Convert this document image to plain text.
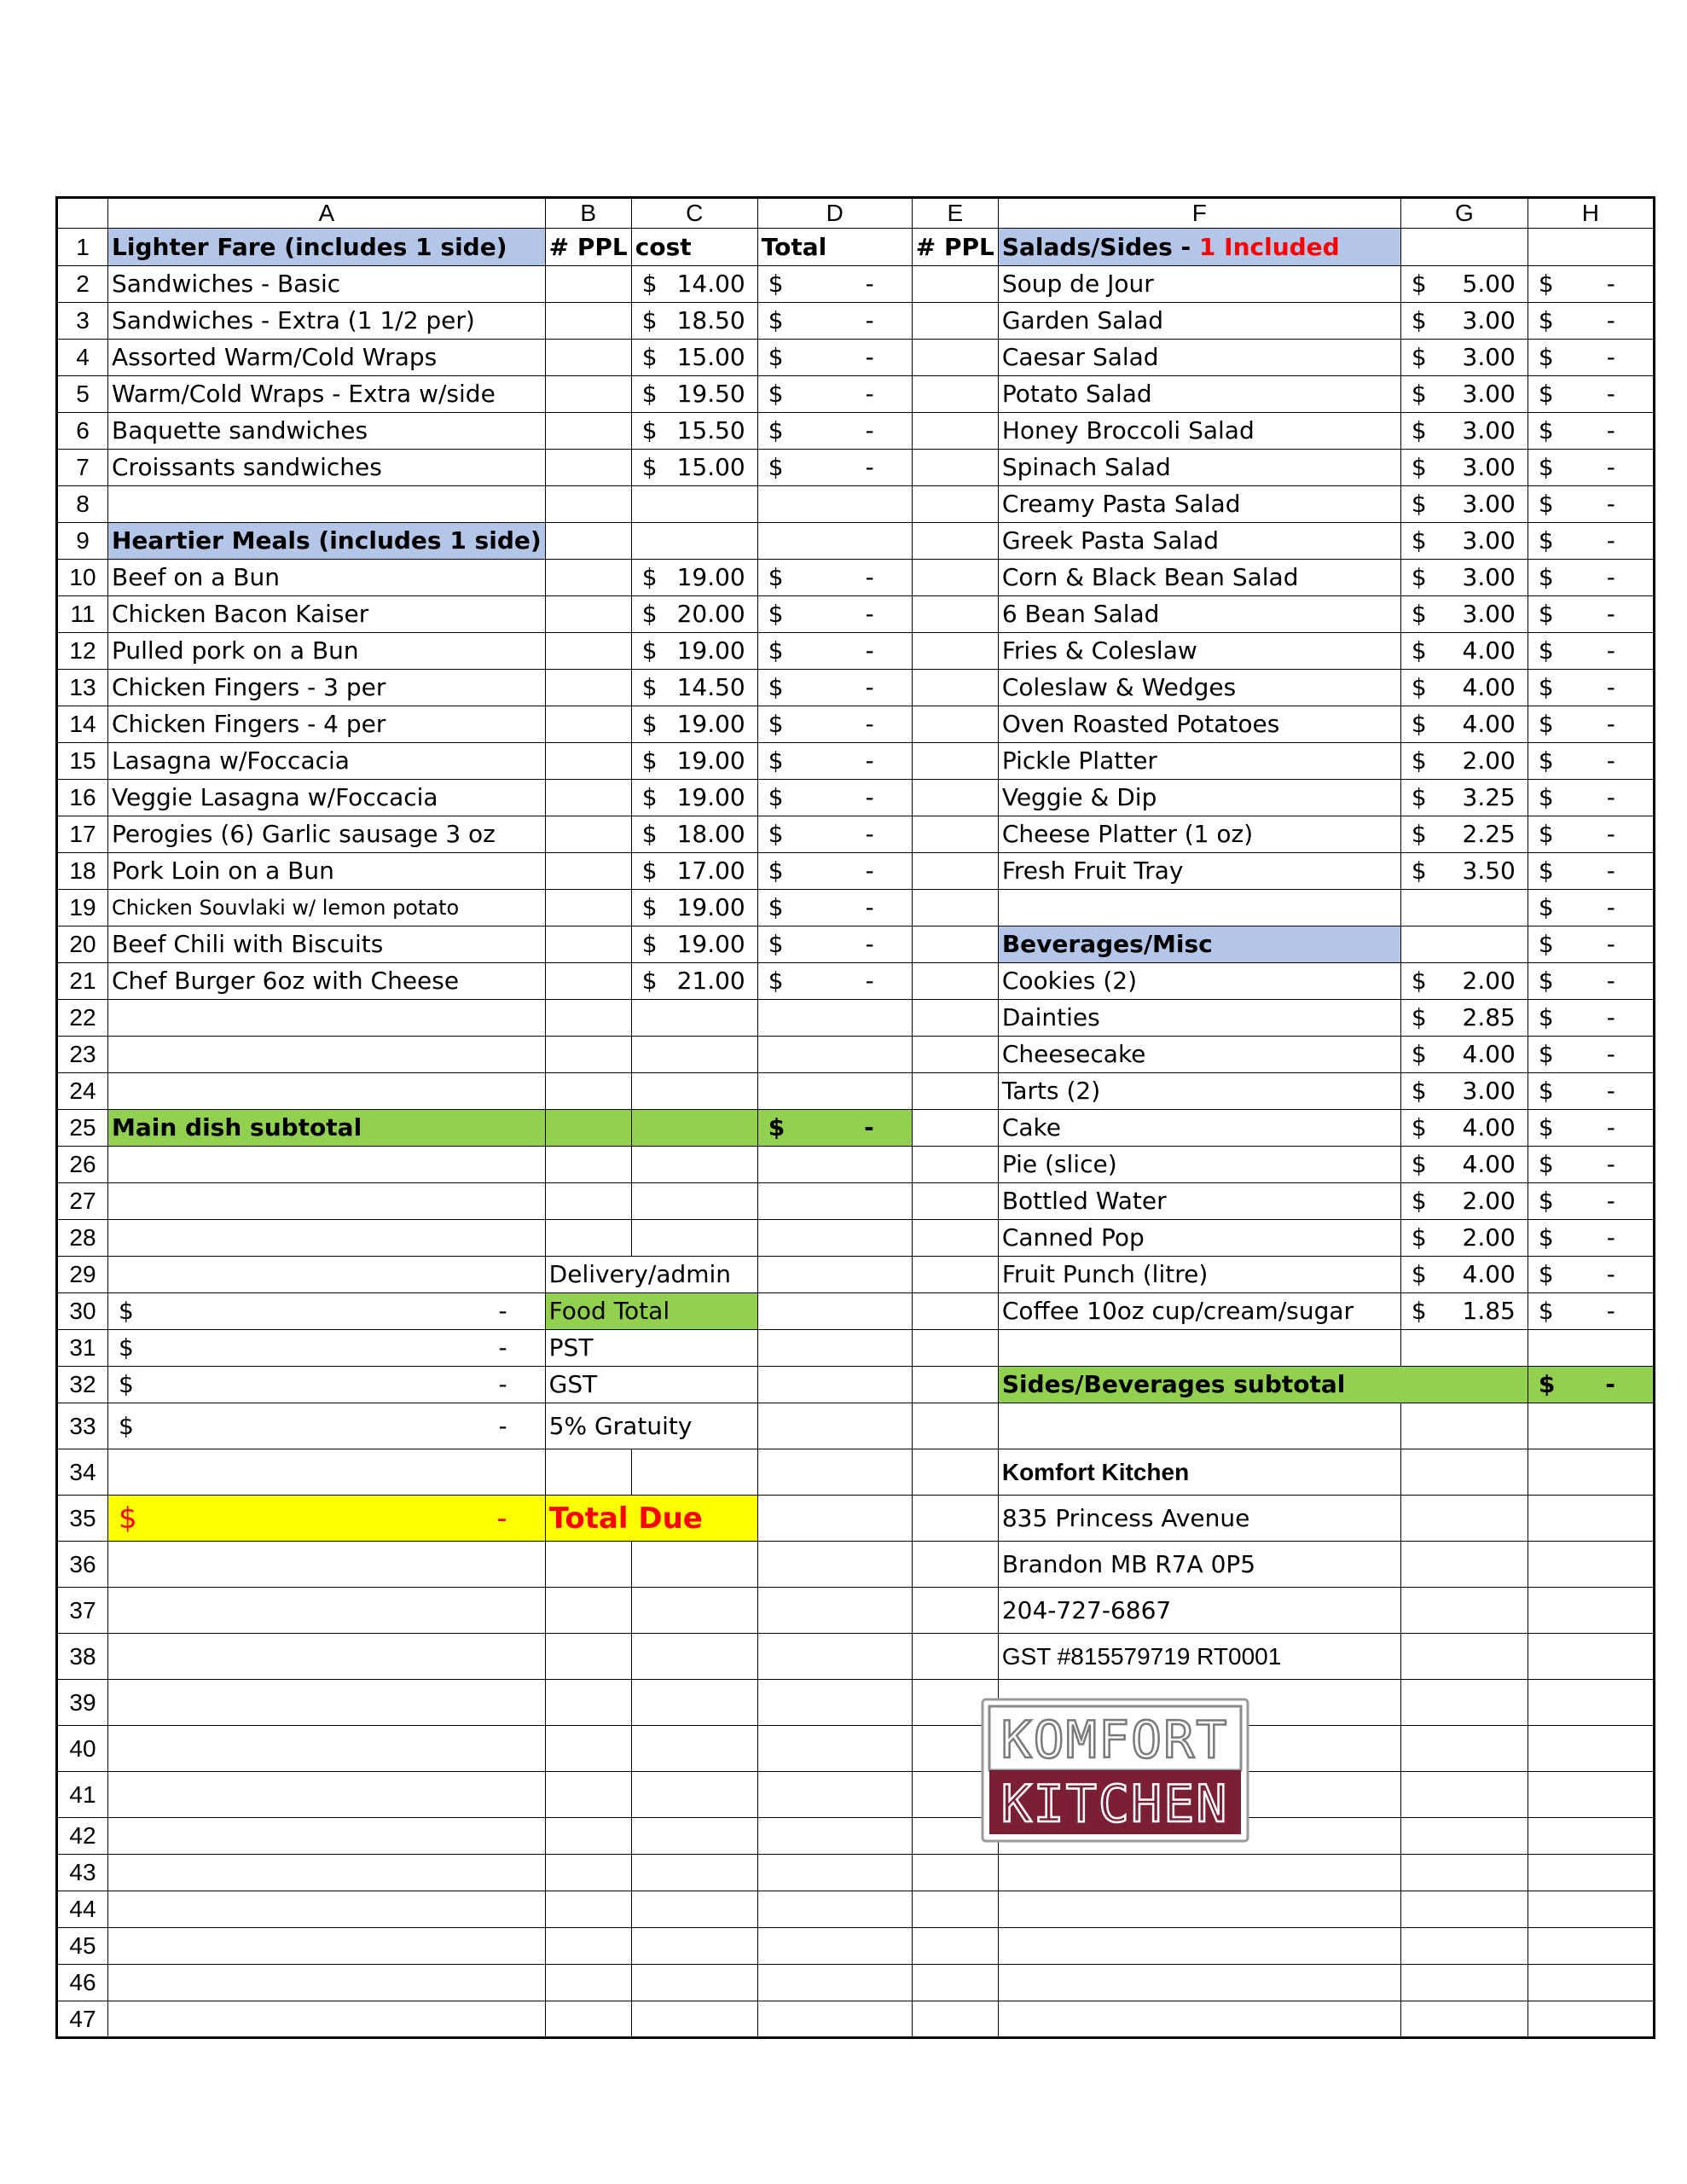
	A	B	C	D	E	F	G	H
1	Lighter Fare (includes 1 side)	# PPL	cost	Total	# PPL	Salads/Sides - 1 Included		
2	Sandwiches - Basic		$ 14.00	$ -		Soup de Jour	$ 5.00	$ -

3	Sandwiches - Extra (1 1/2 per)		$ 18.50	$ -		Garden Salad	$ 3.00	$ -

4	Assorted Warm/Cold Wraps		$ 15.00	$ -		Caesar Salad	$ 3.00	$ -

5	Warm/Cold Wraps - Extra w/side		$ 19.50	$ -		Potato Salad	$ 3.00	$ -

6	Baquette sandwiches		$ 15.50	$ -		Honey Broccoli Salad	$ 3.00	$ -

7	Croissants sandwiches		$ 15.00	$ -		Spinach Salad	$ 3.00	$ -

8						Creamy Pasta Salad	$ 3.00	$ -

9	Heartier Meals (includes 1 side)					Greek Pasta Salad	$ 3.00	$ -

10	Beef on a Bun		$ 19.00	$ -		Corn & Black Bean Salad	$ 3.00	$ -

11	Chicken Bacon Kaiser		$ 20.00	$ -		6 Bean Salad	$ 3.00	$ -

12	Pulled pork on a Bun		$ 19.00	$ -		Fries & Coleslaw	$ 4.00	$ -

13	Chicken Fingers - 3 per		$ 14.50	$ -		Coleslaw & Wedges	$ 4.00	$ -

14	Chicken Fingers - 4 per		$ 19.00	$ -		Oven Roasted Potatoes	$ 4.00	$ -

15	Lasagna w/Foccacia		$ 19.00	$ -		Pickle Platter	$ 2.00	$ -

16	Veggie Lasagna w/Foccacia		$ 19.00	$ -		Veggie & Dip	$ 3.25	$ -

17	Perogies (6) Garlic sausage 3 oz		$ 18.00	$ -		Cheese Platter (1 oz)	$ 2.25	$ -

18	Pork Loin on a Bun		$ 17.00	$ -		Fresh Fruit Tray	$ 3.50	$ -

19	Chicken Souvlaki w/ lemon potato		$ 19.00	$ -				$ -

20	Beef Chili with Biscuits		$ 19.00	$ -		Beverages/Misc		$ -

21	Chef Burger 6oz with Cheese		$ 21.00	$ -		Cookies (2)	$ 2.00	$ -

22						Dainties	$ 2.85	$ -

23						Cheesecake	$ 4.00	$ -

24						Tarts (2)	$ 3.00	$ -

25	Main dish subtotal			$ -		Cake	$ 4.00	$ -

26						Pie (slice)	$ 4.00	$ -

27						Bottled Water	$ 2.00	$ -

28						Canned Pop	$ 2.00	$ -

29		Delivery/admin				Fruit Punch (litre)	$ 4.00	$ -

30	$ -	Food Total				Coffee 10oz cup/cream/sugar	$ 1.85	$ -

31	$ -	PST						
32	$ -	GST				Sides/Beverages subtotal		$ -

33	$ -	5% Gratuity						
34						Komfort Kitchen		
35	$ -	Total Due				835 Princess Avenue		
36						Brandon MB R7A 0P5		
37						204-727-6867		
38						GST #815579719 RT0001		
39								
40								
41								
42								
43								
44								
45								
46								
47								
KOMFORT
KITCHEN
